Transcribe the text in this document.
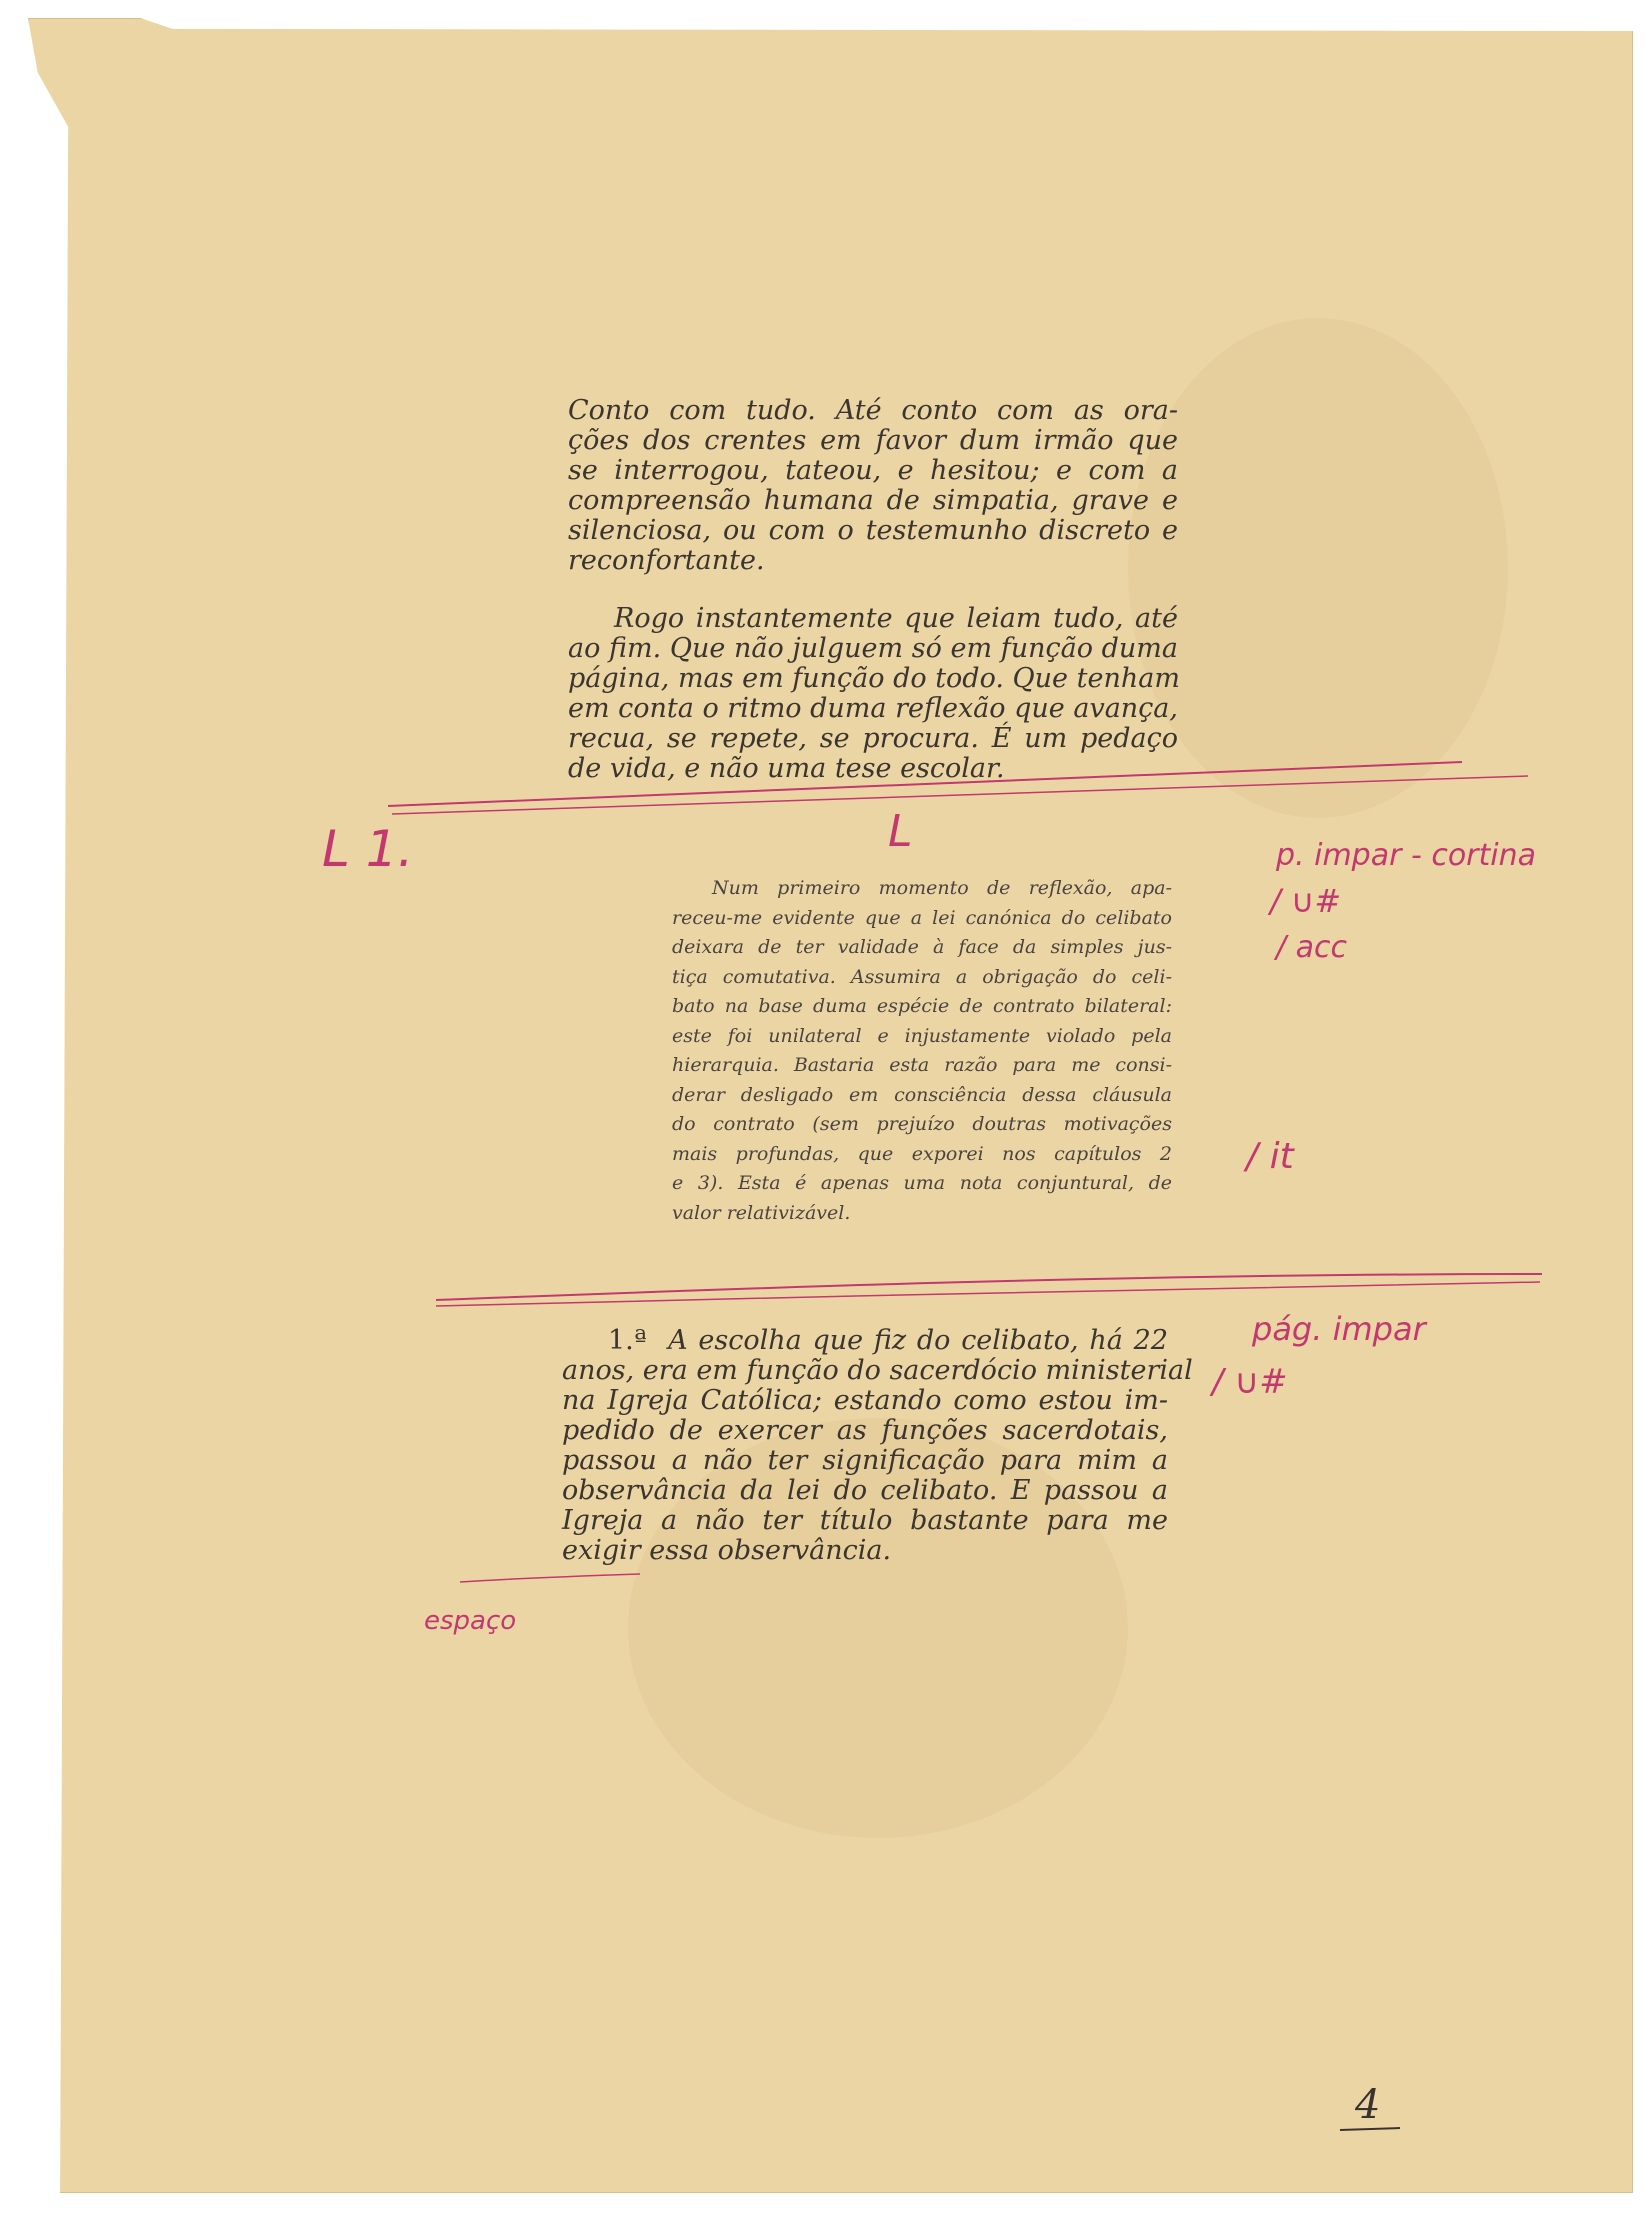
Conto com tudo. Até conto com as ora-
ções dos crentes em favor dum irmão que
se interrogou, tateou, e hesitou; e com a
compreensão humana de simpatia, grave e
silenciosa, ou com o testemunho discreto e
reconfortante.
Rogo instantemente que leiam tudo, até
ao fim. Que não julguem só em função duma
página, mas em função do todo. Que tenham
em conta o ritmo duma reflexão que avança,
recua, se repete, se procura. É um pedaço
de vida, e não uma tese escolar.
Num primeiro momento de reflexão, apa-
receu-me evidente que a lei canónica do celibato
deixara de ter validade à face da simples jus-
tiça comutativa. Assumira a obrigação do celi-
bato na base duma espécie de contrato bilateral:
este foi unilateral e injustamente violado pela
hierarquia. Bastaria esta razão para me consi-
derar desligado em consciência dessa cláusula
do contrato (sem prejuízo doutras motivações
mais profundas, que exporei nos capítulos 2
e 3). Esta é apenas uma nota conjuntural, de
valor relativizável.
1.ª A escolha que fiz do celibato, há 22
anos, era em função do sacerdócio ministerial
na Igreja Católica; estando como estou im-
pedido de exercer as funções sacerdotais,
passou a não ter significação para mim a
observância da lei do celibato. E passou a
Igreja a não ter título bastante para me
exigir essa observância.
L 1.	L	p. impar - cortina
/ ∪#
/ acc
/ it
pág. impar
/ ∪#
espaço
4
